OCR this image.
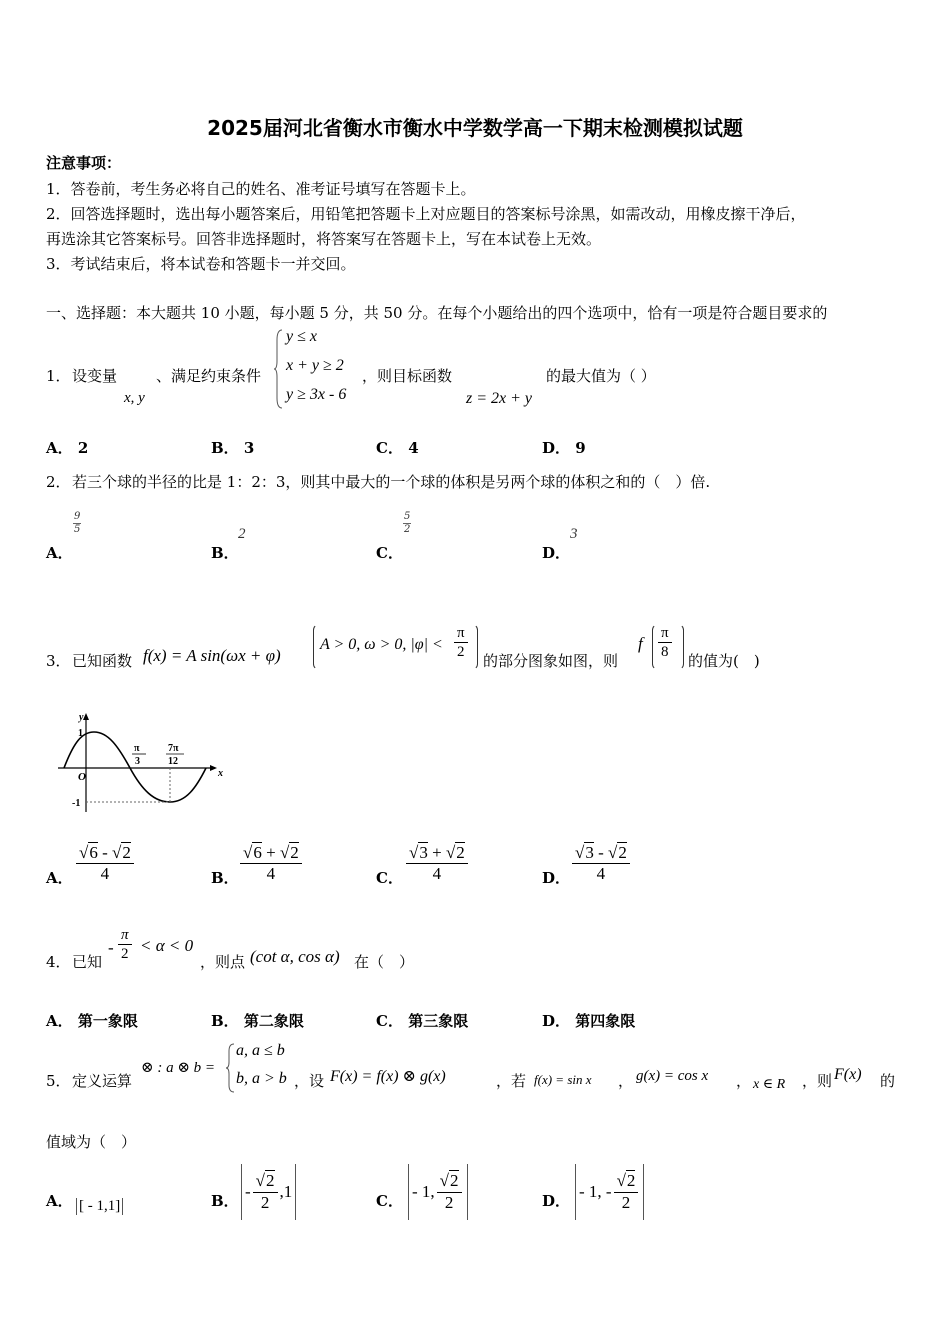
2025届河北省衡水市衡水中学数学高一下期末检测模拟试题
注意事项：
1．答卷前，考生务必将自己的姓名、准考证号填写在答题卡上。
2．回答选择题时，选出每小题答案后，用铅笔把答题卡上对应题目的答案标号涂黑，如需改动，用橡皮擦干净后，
再选涂其它答案标号。回答非选择题时，将答案写在答题卡上，写在本试卷上无效。
3．考试结束后，将本试卷和答题卡一并交回。
一、选择题：本大题共 10 小题，每小题 5 分，共 50 分。在每个小题给出的四个选项中，恰有一项是符合题目要求的
1． 设变量
x, y
、满足约束条件
y ≤ x
x + y ≥ 2
y ≥ 3x - 6
，则目标函数
z = 2x + y
的最大值为（ ）
A． 2	B． 3	C． 4	D． 9
2． 若三个球的半径的比是 1：2：3，则其中最大的一个球的体积是另两个球的体积之和的（　）倍.
A．
$\frac{9}{5}$
B．
2
C．
$\frac{5}{2}$
D．
3
3． 已知函数 f(x) = A sin(ωx + φ)
A > 0, ω > 0, $|\varphi| < \frac{\pi}{2}$ 的部分图象如图，则
f $\frac{\pi}{8}$ 的值为(　)
y
x
1
O
-1
π
3
7π
12
A． $\frac{√6 - √2}{4}$	B． $\frac{√6 + √2}{4}$	C． $\frac{√3 + √2}{4}$	D． $\frac{√3 - √2}{4}$
4． 已知
- $\frac{\pi}{2} < \alpha < 0$
，则点 (cot α, cos α) 在（　）
A． 第一象限	B． 第二象限	C． 第三象限	D． 第四象限
5． 定义运算
⊗ : a ⊗ b =
a, a ≤ b
b, a > b ，设 F(x) = f(x) ⊗ g(x)	，若 f(x) = sin x ， g(x) = cos x ， x ∈ R ，则 F(x) 的
值域为（　）
A． [ - 1,1]	B． - $\frac{√2}{2} ,1$	C． - 1, $\frac{√2}{2}$	D． - 1, - $\frac{√2}{2}$
